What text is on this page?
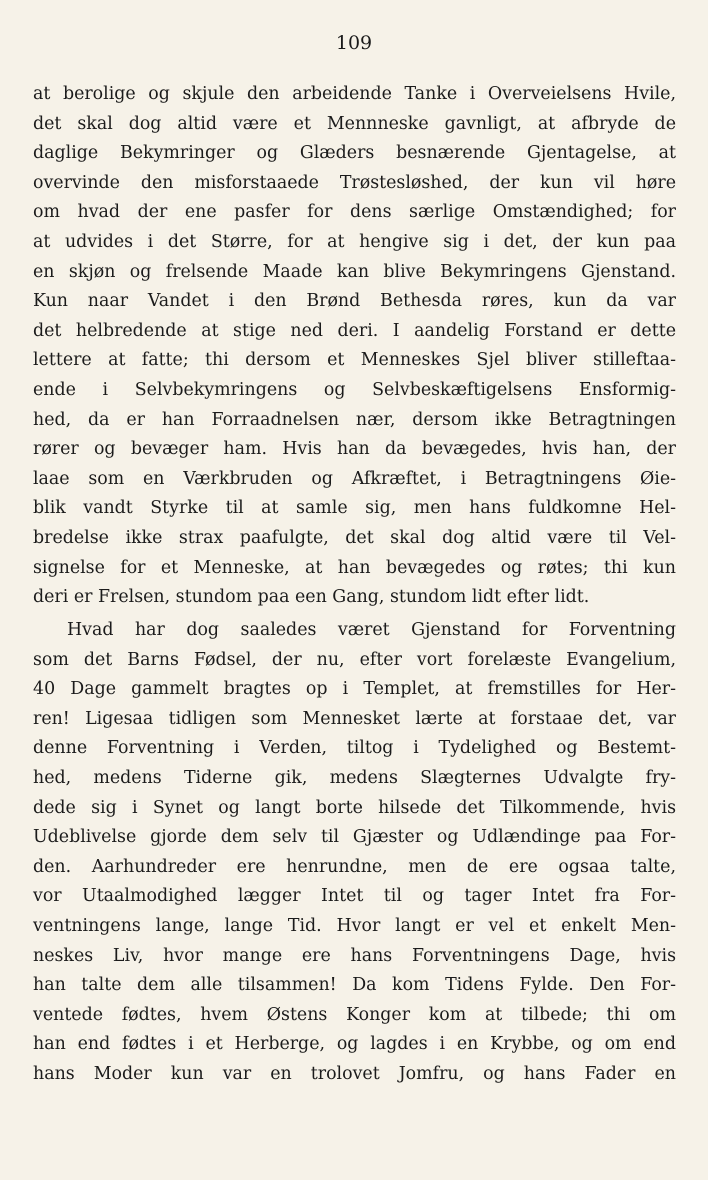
109
at berolige og skjule den arbeidende Tanke i Overveielsens Hvile,
det skal dog altid være et Mennneske gavnligt, at afbryde de
daglige Bekymringer og Glæders besnærende Gjentagelse, at
overvinde den misforstaaede Trøstesløshed, der kun vil høre
om hvad der ene pasfer for dens særlige Omstændighed; for
at udvides i det Større, for at hengive sig i det, der kun paa
en skjøn og frelsende Maade kan blive Bekymringens Gjenstand.
Kun naar Vandet i den Brønd Bethesda røres, kun da var
det helbredende at stige ned deri. I aandelig Forstand er dette
lettere at fatte; thi dersom et Menneskes Sjel bliver stilleftaa-
ende i Selvbekymringens og Selvbeskæftigelsens Ensformig-
hed, da er han Forraadnelsen nær, dersom ikke Betragtningen
rører og bevæger ham. Hvis han da bevægedes, hvis han, der
laae som en Værkbruden og Afkræftet, i Betragtningens Øie-
blik vandt Styrke til at samle sig, men hans fuldkomne Hel-
bredelse ikke strax paafulgte, det skal dog altid være til Vel-
signelse for et Menneske, at han bevægedes og røtes; thi kun
deri er Frelsen, stundom paa een Gang, stundom lidt efter lidt.
Hvad har dog saaledes været Gjenstand for Forventning
som det Barns Fødsel, der nu, efter vort forelæste Evangelium,
40 Dage gammelt bragtes op i Templet, at fremstilles for Her-
ren! Ligesaa tidligen som Mennesket lærte at forstaae det, var
denne Forventning i Verden, tiltog i Tydelighed og Bestemt-
hed, medens Tiderne gik, medens Slægternes Udvalgte fry-
dede sig i Synet og langt borte hilsede det Tilkommende, hvis
Udeblivelse gjorde dem selv til Gjæster og Udlændinge paa For-
den. Aarhundreder ere henrundne, men de ere ogsaa talte,
vor Utaalmodighed lægger Intet til og tager Intet fra For-
ventningens lange, lange Tid. Hvor langt er vel et enkelt Men-
neskes Liv, hvor mange ere hans Forventningens Dage, hvis
han talte dem alle tilsammen! Da kom Tidens Fylde. Den For-
ventede fødtes, hvem Østens Konger kom at tilbede; thi om
han end fødtes i et Herberge, og lagdes i en Krybbe, og om end
hans Moder kun var en trolovet Jomfru, og hans Fader en
